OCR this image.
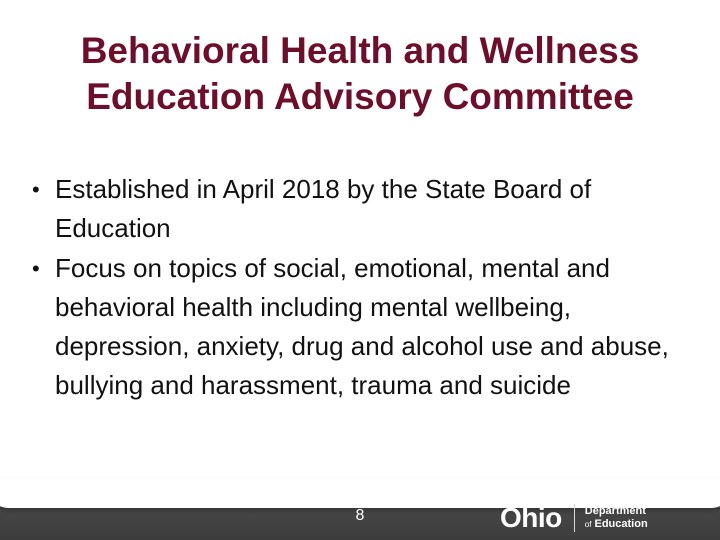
Behavioral Health and Wellness
Education Advisory Committee
• Established in April 2018 by the State Board of Education
• Focus on topics of social, emotional, mental and behavioral health including mental wellbeing, depression, anxiety, drug and alcohol use and abuse, bullying and harassment, trauma and suicide
8	Ohio Department
of Education
